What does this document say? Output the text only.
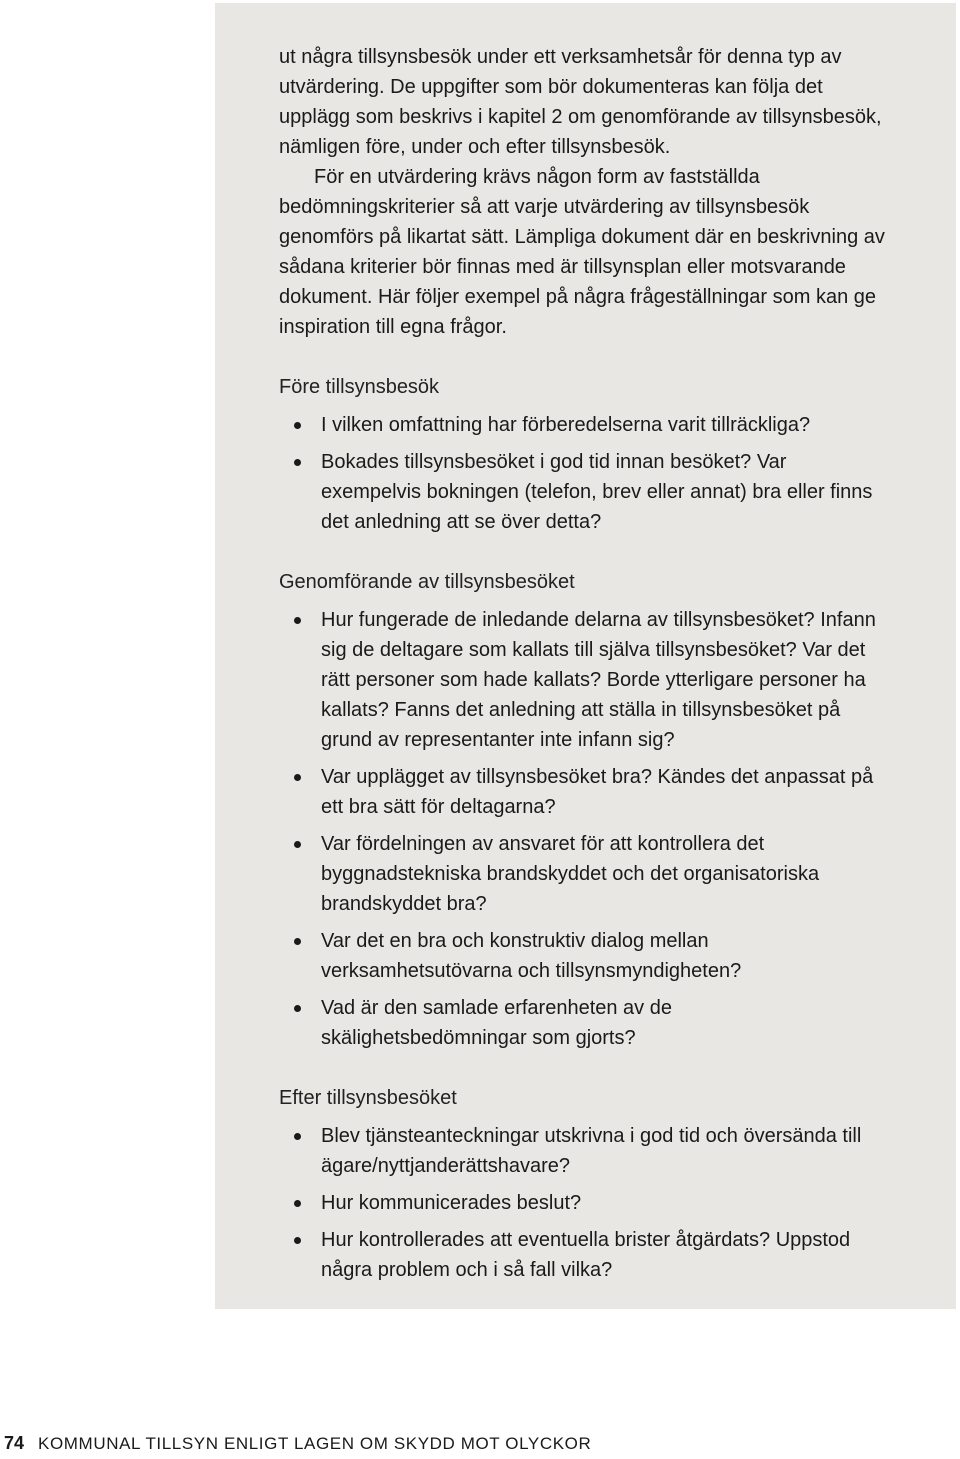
ut några tillsynsbesök under ett verksamhetsår för denna typ av utvärdering. De uppgifter som bör dokumenteras kan följa det upplägg som beskrivs i kapitel 2 om genomförande av tillsynsbesök, nämligen före, under och efter tillsynsbesök.

För en utvärdering krävs någon form av fastställda bedömningskriterier så att varje utvärdering av tillsynsbesök genomförs på likartat sätt. Lämpliga dokument där en beskrivning av sådana kriterier bör finnas med är tillsynsplan eller motsvarande dokument. Här följer exempel på några frågeställningar som kan ge inspiration till egna frågor.

Före tillsynsbesök
I vilken omfattning har förberedelserna varit tillräckliga?
Bokades tillsynsbesöket i god tid innan besöket? Var exempelvis bokningen (telefon, brev eller annat) bra eller finns det anledning att se över detta?
Genomförande av tillsynsbesöket
Hur fungerade de inledande delarna av tillsynsbesöket? Infann sig de deltagare som kallats till själva tillsynsbesöket? Var det rätt personer som hade kallats? Borde ytterligare personer ha kallats? Fanns det anledning att ställa in tillsynsbesöket på grund av representanter inte infann sig?
Var upplägget av tillsynsbesöket bra? Kändes det anpassat på ett bra sätt för deltagarna?
Var fördelningen av ansvaret för att kontrollera det byggnadstekniska brandskyddet och det organisatoriska brandskyddet bra?
Var det en bra och konstruktiv dialog mellan verksamhetsutövarna och tillsynsmyndigheten?
Vad är den samlade erfarenheten av de skälighetsbedömningar som gjorts?
Efter tillsynsbesöket
Blev tjänsteanteckningar utskrivna i god tid och översända till ägare/nyttjanderättshavare?
Hur kommunicerades beslut?
Hur kontrollerades att eventuella brister åtgärdats? Uppstod några problem och i så fall vilka?
74 KOMMUNAL TILLSYN ENLIGT LAGEN OM SKYDD MOT OLYCKOR
